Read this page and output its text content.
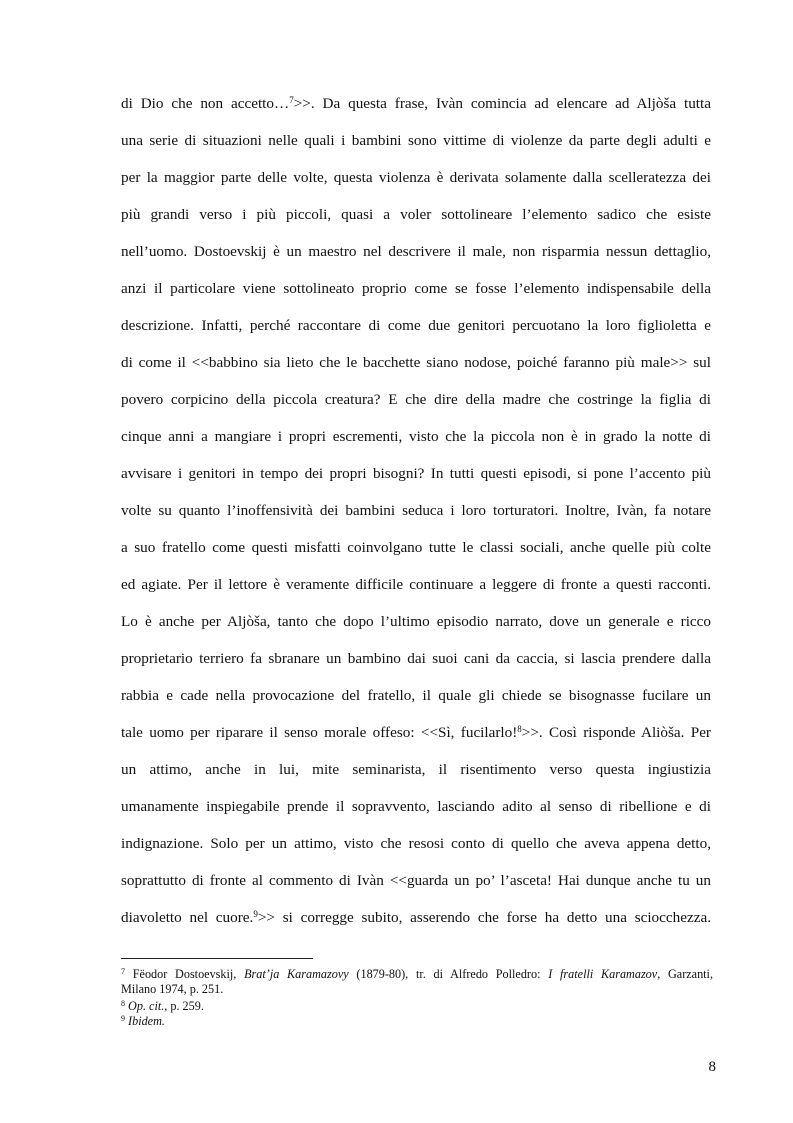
di Dio che non accetto…$^7$>>. Da questa frase, Ivàn comincia ad elencare ad Aljòša tutta
una serie di situazioni nelle quali i bambini sono vittime di violenze da parte degli adulti e
per la maggior parte delle volte, questa violenza è derivata solamente dalla scelleratezza dei
più grandi verso i più piccoli, quasi a voler sottolineare l’elemento sadico che esiste
nell’uomo. Dostoevskij è un maestro nel descrivere il male, non risparmia nessun dettaglio,
anzi il particolare viene sottolineato proprio come se fosse l’elemento indispensabile della
descrizione. Infatti, perché raccontare di come due genitori percuotano la loro figlioletta e
di come il <<babbino sia lieto che le bacchette siano nodose, poiché faranno più male>> sul
povero corpicino della piccola creatura? E che dire della madre che costringe la figlia di
cinque anni a mangiare i propri escrementi, visto che la piccola non è in grado la notte di
avvisare i genitori in tempo dei propri bisogni? In tutti questi episodi, si pone l’accento più
volte su quanto l’inoffensività dei bambini seduca i loro torturatori. Inoltre, Ivàn, fa notare
a suo fratello come questi misfatti coinvolgano tutte le classi sociali, anche quelle più colte
ed agiate. Per il lettore è veramente difficile continuare a leggere di fronte a questi racconti.
Lo è anche per Aljòša, tanto che dopo l’ultimo episodio narrato, dove un generale e ricco
proprietario terriero fa sbranare un bambino dai suoi cani da caccia, si lascia prendere dalla
rabbia e cade nella provocazione del fratello, il quale gli chiede se bisognasse fucilare un
tale uomo per riparare il senso morale offeso: <<Sì, fucilarlo!$^8$>>. Così risponde Aliòša. Per
un attimo, anche in lui, mite seminarista, il risentimento verso questa ingiustizia
umanamente inspiegabile prende il sopravvento, lasciando adito al senso di ribellione e di
indignazione. Solo per un attimo, visto che resosi conto di quello che aveva appena detto,
soprattutto di fronte al commento di Ivàn <<guarda un po’ l’asceta! Hai dunque anche tu un
diavoletto nel cuore.$^9$>> si corregge subito, asserendo che forse ha detto una sciocchezza.
$^7$ Fëodor Dostoevskij, Brat’ja Karamazovy (1879-80), tr. di Alfredo Polledro: I fratelli Karamazov, Garzanti,
Milano 1974, p. 251.
$^8$ Op. cit., p. 259.
$^9$ Ibidem.
8
